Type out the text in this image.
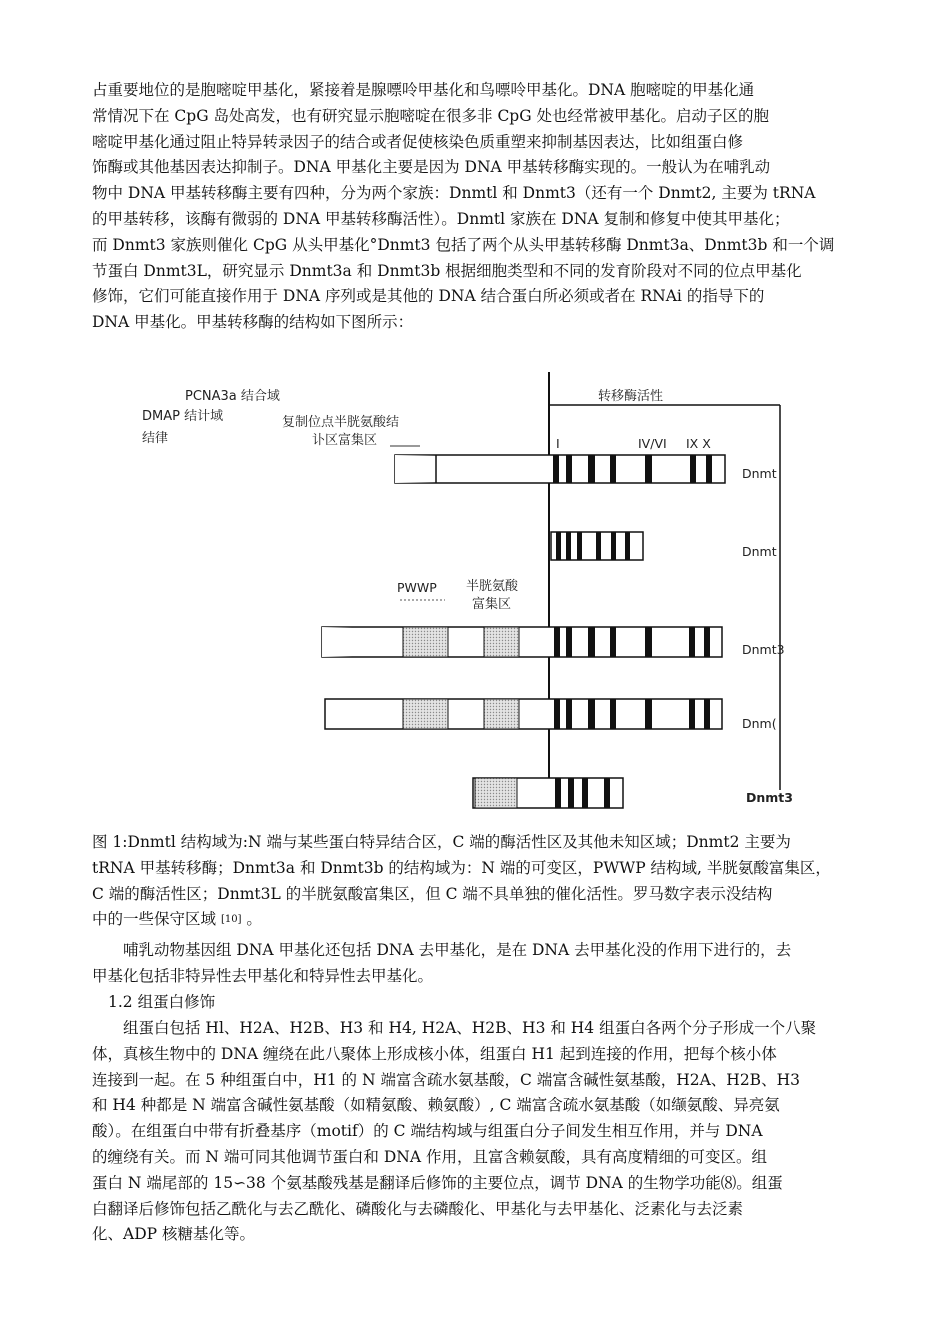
占重要地位的是胞嘧啶甲基化，紧接着是腺嘌呤甲基化和鸟嘌呤甲基化。DNA 胞嘧啶的甲基化通
常情况下在 CpG 岛处高发，也有研究显示胞嘧啶在很多非 CpG 处也经常被甲基化。启动子区的胞
嘧啶甲基化通过阻止特异转录因子的结合或者促使核染色质重塑来抑制基因表达，比如组蛋白修
饰酶或其他基因表达抑制子。DNA 甲基化主要是因为 DNA 甲基转移酶实现的。一般认为在哺乳动
物中 DNA 甲基转移酶主要有四种，分为两个家族：Dnmtl 和 Dnmt3（还有一个 Dnmt2, 主要为 tRNA
的甲基转移，该酶有微弱的 DNA 甲基转移酶活性）。Dnmtl 家族在 DNA 复制和修复中使其甲基化；
而 Dnmt3 家族则催化 CpG 从头甲基化°Dnmt3 包括了两个从头甲基转移酶 Dnmt3a、Dnmt3b 和一个调
节蛋白 Dnmt3L，研究显示 Dnmt3a 和 Dnmt3b 根据细胞类型和不同的发育阶段对不同的位点甲基化
修饰，它们可能直接作用于 DNA 序列或是其他的 DNA 结合蛋白所必须或者在 RNAi 的指导下的
DNA 甲基化。甲基转移酶的结构如下图所示：
PCNA3a 结合域
DMAP 结计域
结律
复制位点半胱氨酸结
讣区富集区
转移酶活性
I	IV/VI IX X
Dnmt
Dnmt
PWWP 半胱氨酸
富集区
Dnmt3
Dnm(
Dnmt3
图 1:Dnmtl 结构域为:N 端与某些蛋白特异结合区，C 端的酶活性区及其他未知区域；Dnmt2 主要为
tRNA 甲基转移酶；Dnmt3a 和 Dnmt3b 的结构域为：N 端的可变区，PWWP 结构域, 半胱氨酸富集区，
C 端的酶活性区；Dnmt3L 的半胱氨酸富集区，但 C 端不具单独的催化活性。罗马数字表示没结构
中的一些保守区域 [10] 。
哺乳动物基因组 DNA 甲基化还包括 DNA 去甲基化，是在 DNA 去甲基化没的作用下进行的，去
甲基化包括非特异性去甲基化和特异性去甲基化。
1.2 组蛋白修饰
组蛋白包括 Hl、H2A、H2B、H3 和 H4, H2A、H2B、H3 和 H4 组蛋白各两个分子形成一个八聚
体，真核生物中的 DNA 缠绕在此八聚体上形成核小体，组蛋白 H1 起到连接的作用，把每个核小体
连接到一起。在 5 种组蛋白中，H1 的 N 端富含疏水氨基酸，C 端富含碱性氨基酸，H2A、H2B、H3
和 H4 种都是 N 端富含碱性氨基酸（如精氨酸、赖氨酸）, C 端富含疏水氨基酸（如缬氨酸、异亮氨
酸）。在组蛋白中带有折叠基序（motif）的 C 端结构域与组蛋白分子间发生相互作用，并与 DNA
的缠绕有关。而 N 端可同其他调节蛋白和 DNA 作用，且富含赖氨酸，具有高度精细的可变区。组
蛋白 N 端尾部的 15∽38 个氨基酸残基是翻译后修饰的主要位点，调节 DNA 的生物学功能⑻。组蛋
白翻译后修饰包括乙酰化与去乙酰化、磷酸化与去磷酸化、甲基化与去甲基化、泛素化与去泛素
化、ADP 核糖基化等。
